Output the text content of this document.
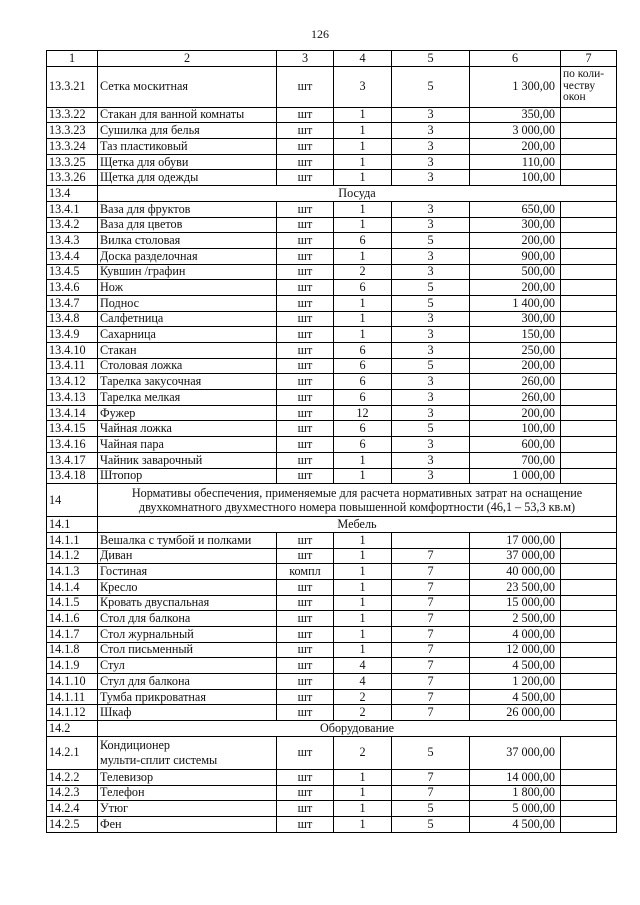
126
1	2	3	4	5	6	7
13.3.21	Сетка москитная	шт	3	5	1 300,00	по коли-
честву
окон
13.3.22	Стакан для ванной комнаты	шт	1	3	350,00	
13.3.23	Сушилка для белья	шт	1	3	3 000,00	
13.3.24	Таз пластиковый	шт	1	3	200,00	
13.3.25	Щетка для обуви	шт	1	3	110,00	
13.3.26	Щетка для одежды	шт	1	3	100,00	
13.4	Посуда					
13.4.1	Ваза для фруктов	шт	1	3	650,00	
13.4.2	Ваза для цветов	шт	1	3	300,00	
13.4.3	Вилка столовая	шт	6	5	200,00	
13.4.4	Доска разделочная	шт	1	3	900,00	
13.4.5	Кувшин /графин	шт	2	3	500,00	
13.4.6	Нож	шт	6	5	200,00	
13.4.7	Поднос	шт	1	5	1 400,00	
13.4.8	Салфетница	шт	1	3	300,00	
13.4.9	Сахарница	шт	1	3	150,00	
13.4.10	Стакан	шт	6	3	250,00	
13.4.11	Столовая ложка	шт	6	5	200,00	
13.4.12	Тарелка закусочная	шт	6	3	260,00	
13.4.13	Тарелка мелкая	шт	6	3	260,00	
13.4.14	Фужер	шт	12	3	200,00	
13.4.15	Чайная ложка	шт	6	5	100,00	
13.4.16	Чайная пара	шт	6	3	600,00	
13.4.17	Чайник заварочный	шт	1	3	700,00	
13.4.18	Штопор	шт	1	3	1 000,00	
14	Нормативы обеспечения, применяемые для расчета нормативных затрат на оснащение двухкомнатного двухместного номера повышенной комфортности (46,1 – 53,3 кв.м)					
14.1	Мебель					
14.1.1	Вешалка с тумбой и полками	шт	1		17 000,00	
14.1.2	Диван	шт	1	7	37 000,00	
14.1.3	Гостиная	компл	1	7	40 000,00	
14.1.4	Кресло	шт	1	7	23 500,00	
14.1.5	Кровать двуспальная	шт	1	7	15 000,00	
14.1.6	Стол для балкона	шт	1	7	2 500,00	
14.1.7	Стол журнальный	шт	1	7	4 000,00	
14.1.8	Стол письменный	шт	1	7	12 000,00	
14.1.9	Стул	шт	4	7	4 500,00	
14.1.10	Стул для балкона	шт	4	7	1 200,00	
14.1.11	Тумба прикроватная	шт	2	7	4 500,00	
14.1.12	Шкаф	шт	2	7	26 000,00	
14.2	Оборудование					
14.2.1	Кондиционер
мульти-сплит системы	шт	2	5	37 000,00	
14.2.2	Телевизор	шт	1	7	14 000,00	
14.2.3	Телефон	шт	1	7	1 800,00	
14.2.4	Утюг	шт	1	5	5 000,00	
14.2.5	Фен	шт	1	5	4 500,00	
